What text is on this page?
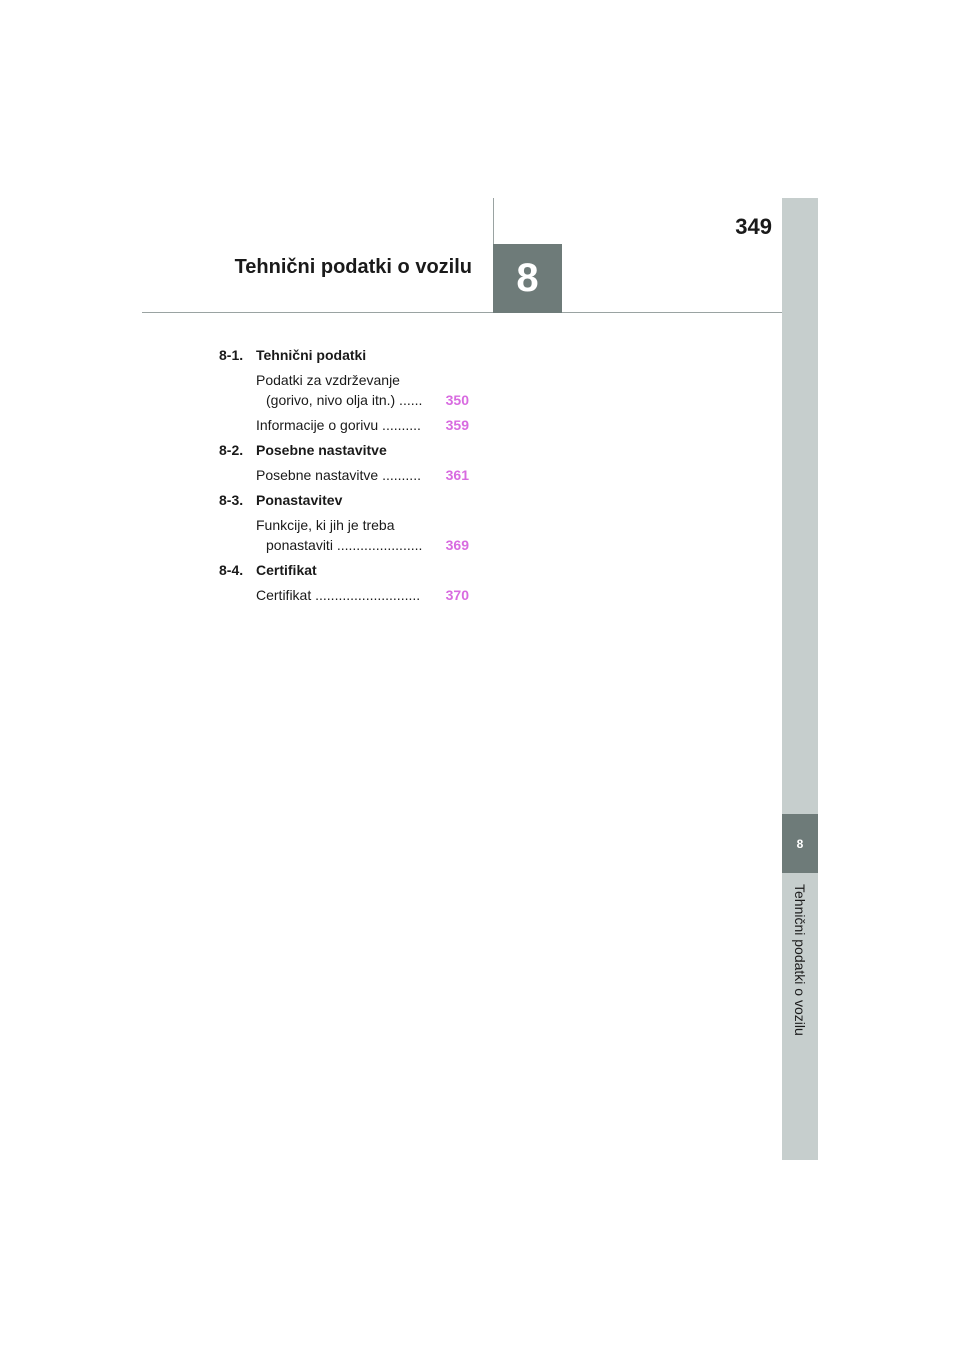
8
Tehnični podatki o vozilu
349
8
Tehnični podatki o vozilu
8-1. Tehnični podatki
Podatki za vzdrževanje
(gorivo, nivo olja itn.) ......	350
Informacije o gorivu ..........	359
8-2. Posebne nastavitve
Posebne nastavitve ..........	361
8-3. Ponastavitev
Funkcije, ki jih je treba
ponastaviti ......................	369
8-4. Certifikat
Certifikat ...........................	370
